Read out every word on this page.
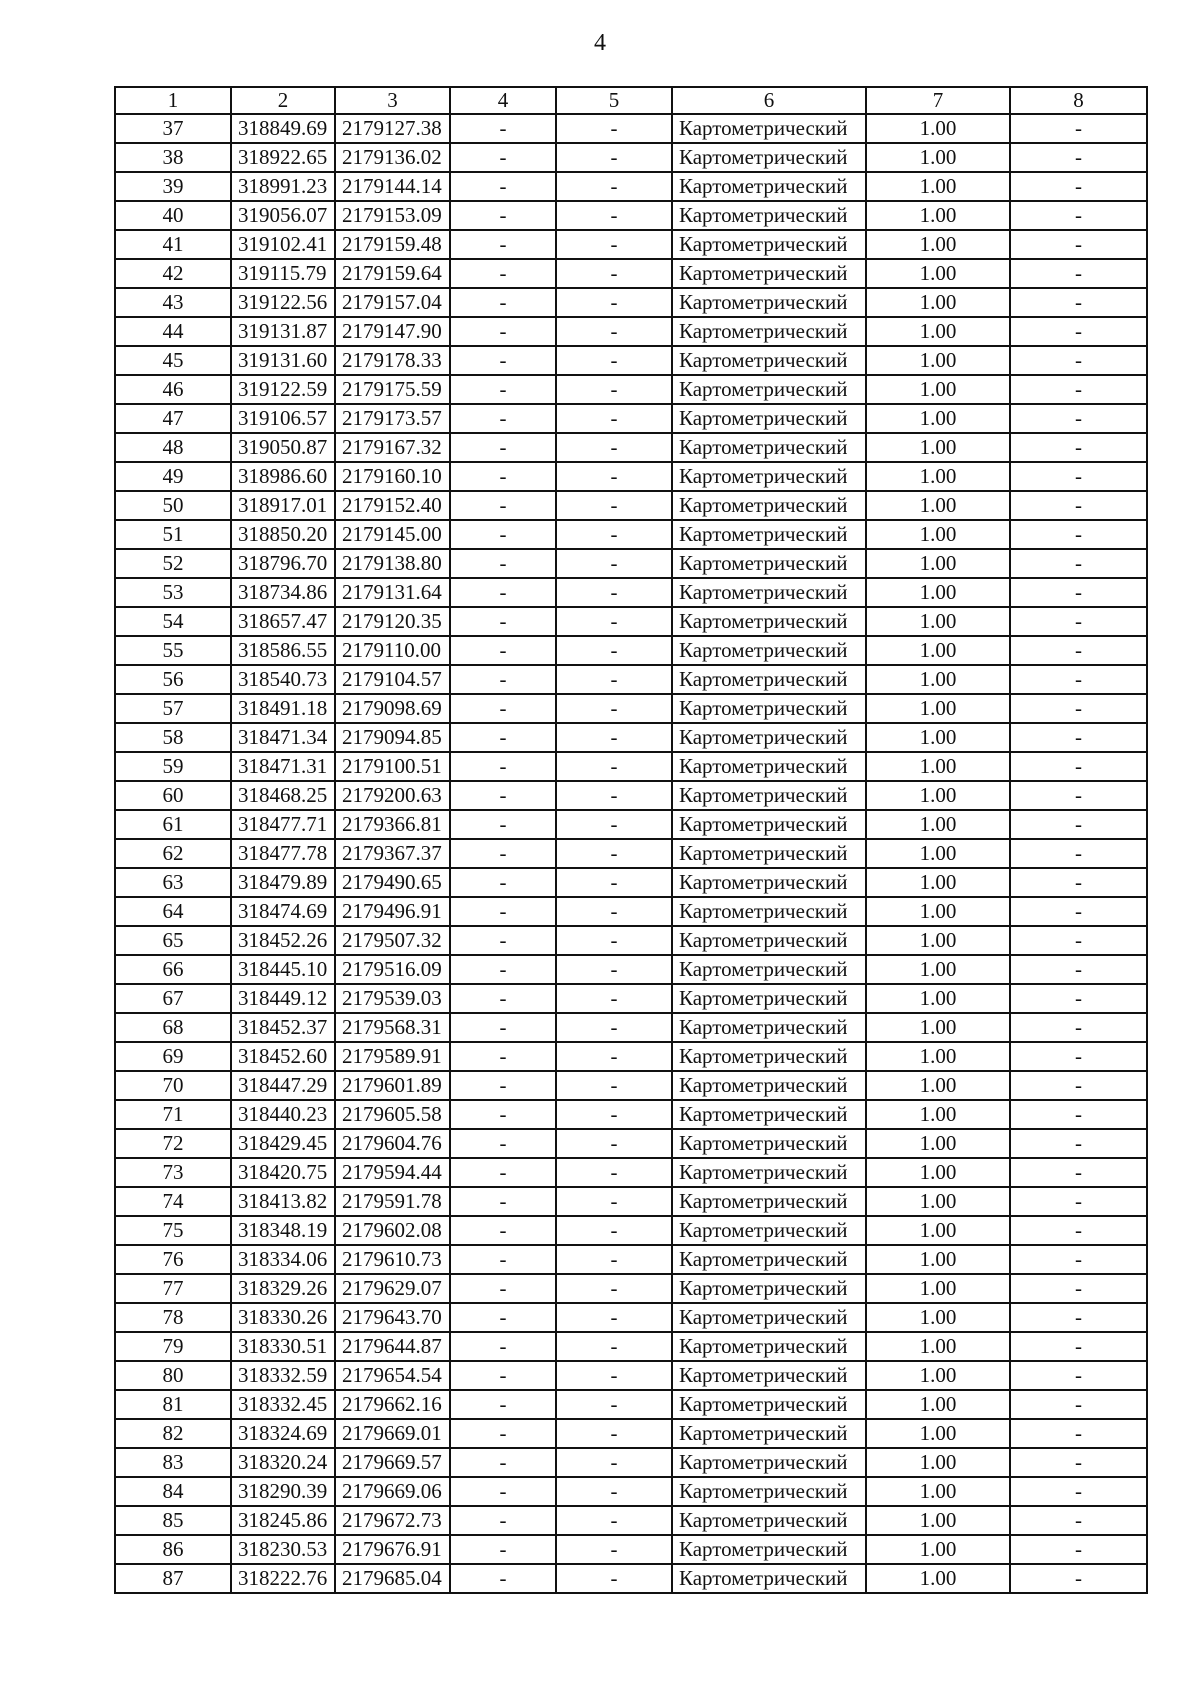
4
1	2	3	4	5	6	7	8
37	318849.69	2179127.38	-	-	Картометрический	1.00	-
38	318922.65	2179136.02	-	-	Картометрический	1.00	-
39	318991.23	2179144.14	-	-	Картометрический	1.00	-
40	319056.07	2179153.09	-	-	Картометрический	1.00	-
41	319102.41	2179159.48	-	-	Картометрический	1.00	-
42	319115.79	2179159.64	-	-	Картометрический	1.00	-
43	319122.56	2179157.04	-	-	Картометрический	1.00	-
44	319131.87	2179147.90	-	-	Картометрический	1.00	-
45	319131.60	2179178.33	-	-	Картометрический	1.00	-
46	319122.59	2179175.59	-	-	Картометрический	1.00	-
47	319106.57	2179173.57	-	-	Картометрический	1.00	-
48	319050.87	2179167.32	-	-	Картометрический	1.00	-
49	318986.60	2179160.10	-	-	Картометрический	1.00	-
50	318917.01	2179152.40	-	-	Картометрический	1.00	-
51	318850.20	2179145.00	-	-	Картометрический	1.00	-
52	318796.70	2179138.80	-	-	Картометрический	1.00	-
53	318734.86	2179131.64	-	-	Картометрический	1.00	-
54	318657.47	2179120.35	-	-	Картометрический	1.00	-
55	318586.55	2179110.00	-	-	Картометрический	1.00	-
56	318540.73	2179104.57	-	-	Картометрический	1.00	-
57	318491.18	2179098.69	-	-	Картометрический	1.00	-
58	318471.34	2179094.85	-	-	Картометрический	1.00	-
59	318471.31	2179100.51	-	-	Картометрический	1.00	-
60	318468.25	2179200.63	-	-	Картометрический	1.00	-
61	318477.71	2179366.81	-	-	Картометрический	1.00	-
62	318477.78	2179367.37	-	-	Картометрический	1.00	-
63	318479.89	2179490.65	-	-	Картометрический	1.00	-
64	318474.69	2179496.91	-	-	Картометрический	1.00	-
65	318452.26	2179507.32	-	-	Картометрический	1.00	-
66	318445.10	2179516.09	-	-	Картометрический	1.00	-
67	318449.12	2179539.03	-	-	Картометрический	1.00	-
68	318452.37	2179568.31	-	-	Картометрический	1.00	-
69	318452.60	2179589.91	-	-	Картометрический	1.00	-
70	318447.29	2179601.89	-	-	Картометрический	1.00	-
71	318440.23	2179605.58	-	-	Картометрический	1.00	-
72	318429.45	2179604.76	-	-	Картометрический	1.00	-
73	318420.75	2179594.44	-	-	Картометрический	1.00	-
74	318413.82	2179591.78	-	-	Картометрический	1.00	-
75	318348.19	2179602.08	-	-	Картометрический	1.00	-
76	318334.06	2179610.73	-	-	Картометрический	1.00	-
77	318329.26	2179629.07	-	-	Картометрический	1.00	-
78	318330.26	2179643.70	-	-	Картометрический	1.00	-
79	318330.51	2179644.87	-	-	Картометрический	1.00	-
80	318332.59	2179654.54	-	-	Картометрический	1.00	-
81	318332.45	2179662.16	-	-	Картометрический	1.00	-
82	318324.69	2179669.01	-	-	Картометрический	1.00	-
83	318320.24	2179669.57	-	-	Картометрический	1.00	-
84	318290.39	2179669.06	-	-	Картометрический	1.00	-
85	318245.86	2179672.73	-	-	Картометрический	1.00	-
86	318230.53	2179676.91	-	-	Картометрический	1.00	-
87	318222.76	2179685.04	-	-	Картометрический	1.00	-
